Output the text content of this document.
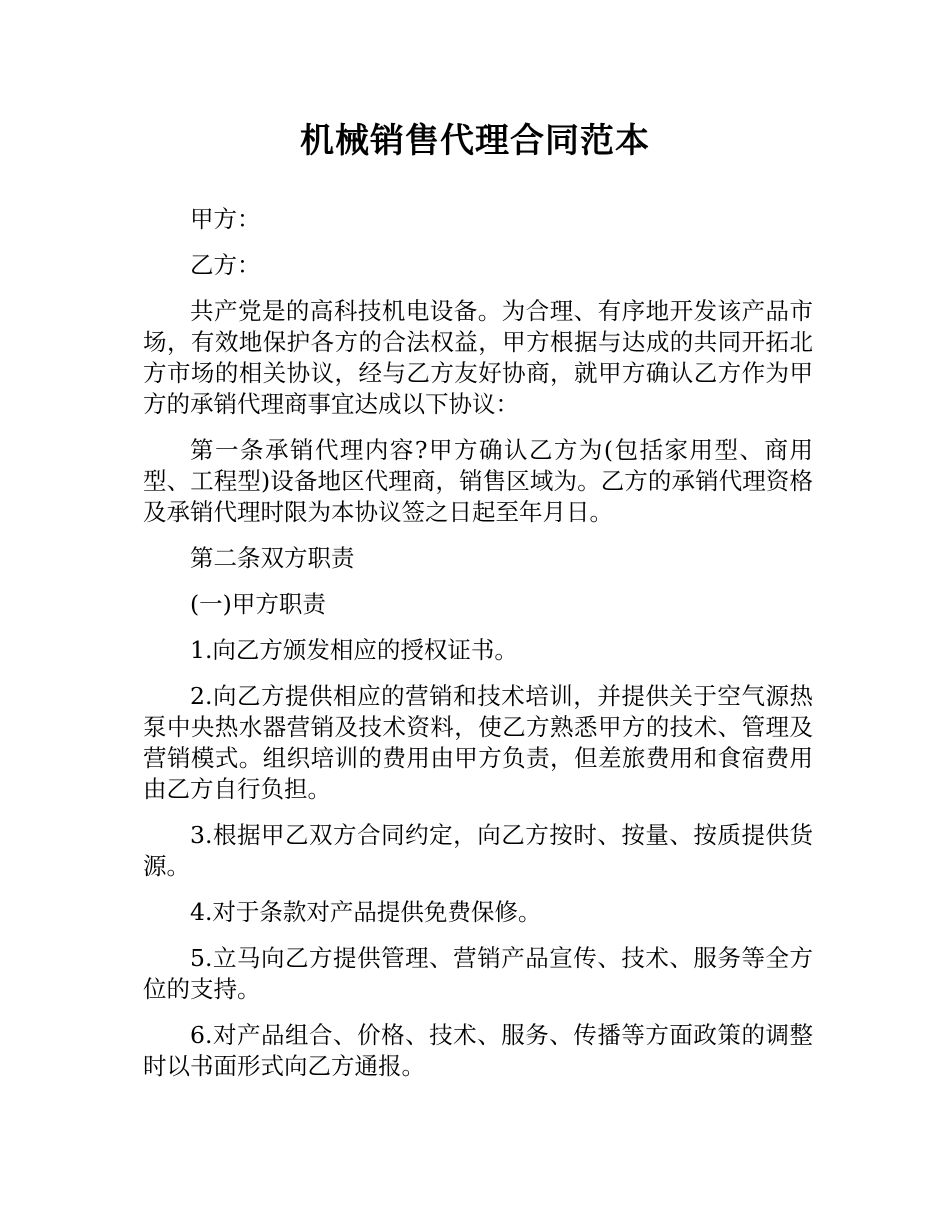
机械销售代理合同范本

甲方：

乙方：

共产党是的高科技机电设备。为合理、有序地开发该产品市场，有效地保护各方的合法权益，甲方根据与达成的共同开拓北方市场的相关协议，经与乙方友好协商，就甲方确认乙方作为甲方的承销代理商事宜达成以下协议：

第一条承销代理内容?甲方确认乙方为(包括家用型、商用型、工程型)设备地区代理商，销售区域为。乙方的承销代理资格及承销代理时限为本协议签之日起至年月日。

第二条双方职责

(一)甲方职责

1.向乙方颁发相应的授权证书。

2.向乙方提供相应的营销和技术培训，并提供关于空气源热泵中央热水器营销及技术资料，使乙方熟悉甲方的技术、管理及营销模式。组织培训的费用由甲方负责，但差旅费用和食宿费用由乙方自行负担。

3.根据甲乙双方合同约定，向乙方按时、按量、按质提供货源。

4.对于条款对产品提供免费保修。

5.立马向乙方提供管理、营销产品宣传、技术、服务等全方位的支持。

6.对产品组合、价格、技术、服务、传播等方面政策的调整时以书面形式向乙方通报。
